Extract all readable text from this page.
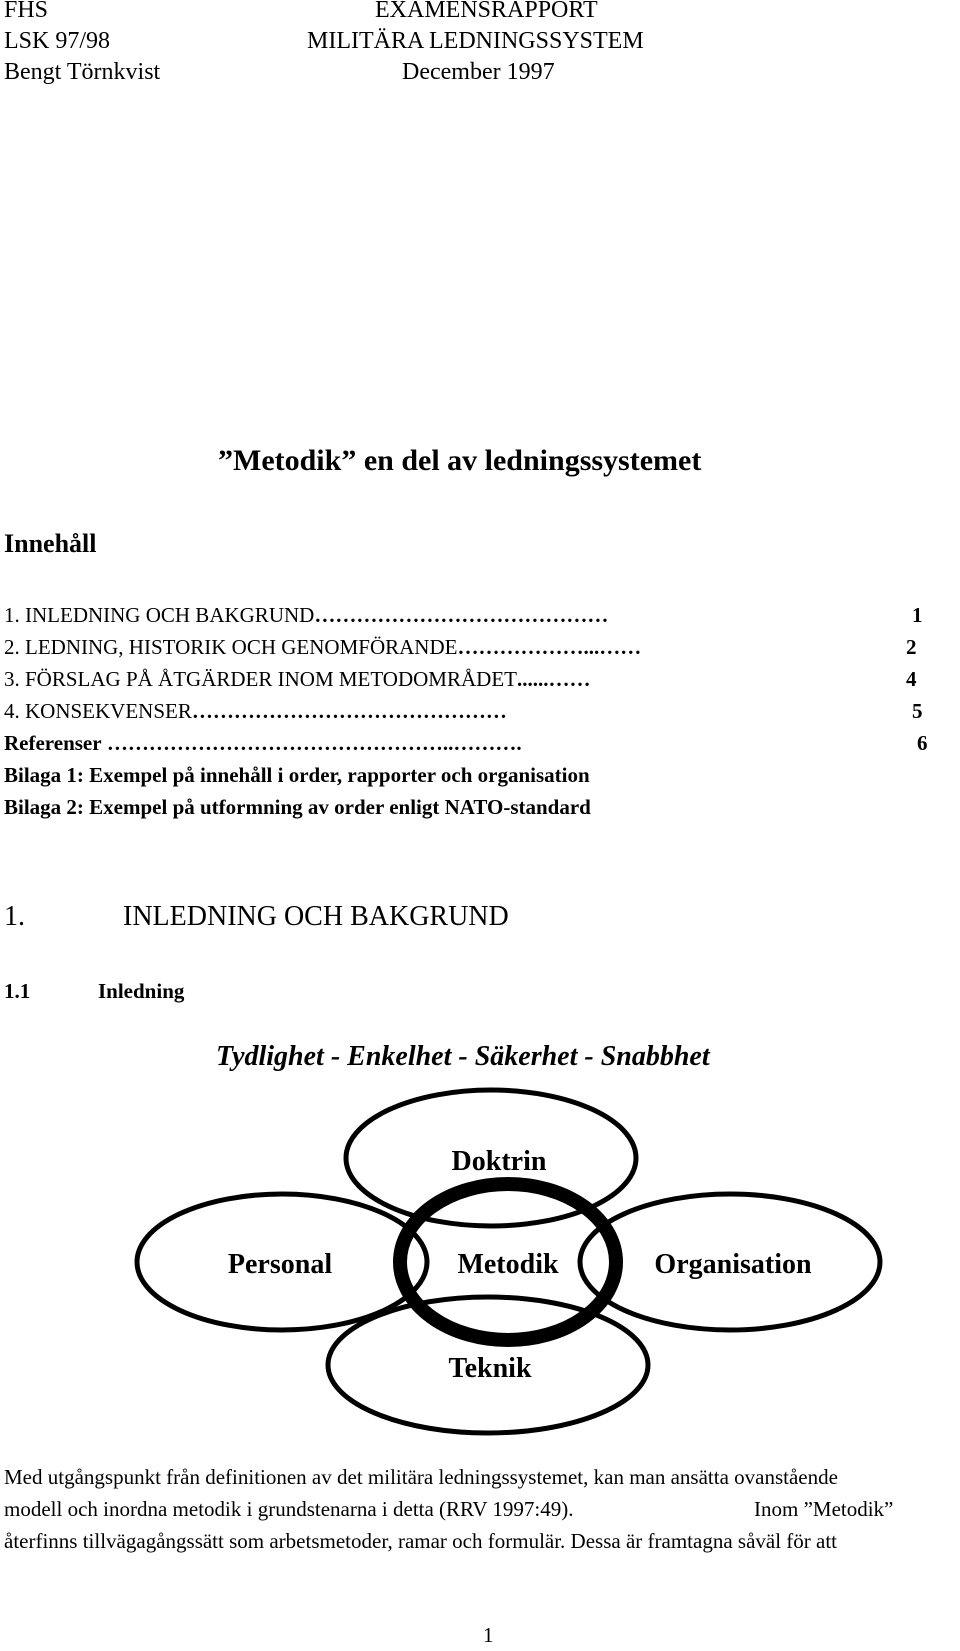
FHS
LSK 97/98
Bengt Törnkvist
EXAMENSRAPPORT
MILITÄRA LEDNINGSSYSTEM
December 1997
”Metodik” en del av ledningssystemet
Innehåll
1. INLEDNING OCH BAKGRUND……………………………………	1
2. LEDNING, HISTORIK OCH GENOMFÖRANDE………………...……	2
3. FÖRSLAG PÅ ÅTGÄRDER INOM METODOMRÅDET......……	4
4. KONSEKVENSER………………………………………	5
Referenser …………………………………………..……….	6
Bilaga 1: Exempel på innehåll i order, rapporter och organisation
Bilaga 2: Exempel på utformning av order enligt NATO-standard
1.	INLEDNING OCH BAKGRUND
1.1	Inledning
Tydlighet - Enkelhet - Säkerhet - Snabbhet
Doktrin
Personal	Metodik	Organisation
Teknik
Med utgångspunkt från definitionen av det militära ledningssystemet, kan man ansätta ovanstående
modell och inordna metodik i grundstenarna i detta (RRV 1997:49).	Inom ”Metodik”
återfinns tillvägagångssätt som arbetsmetoder, ramar och formulär. Dessa är framtagna såväl för att
1
